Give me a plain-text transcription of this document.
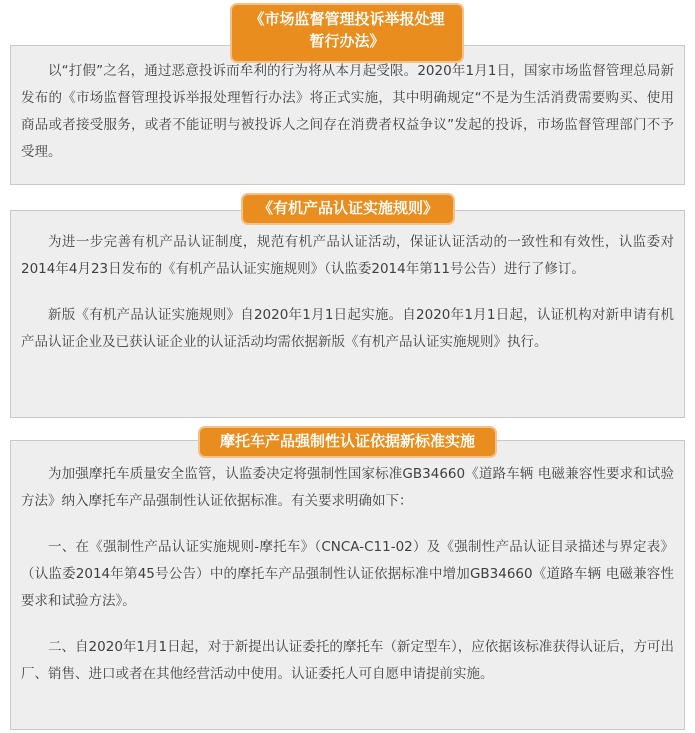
以“打假”之名，通过恶意投诉而牟利的行为将从本月起受限。2020年1月1日，国家市场监督管理总局新发布的《市场监督管理投诉举报处理暂行办法》将正式实施，其中明确规定“不是为生活消费需要购买、使用商品或者接受服务，或者不能证明与被投诉人之间存在消费者权益争议”发起的投诉，市场监督管理部门不予受理。

《市场监督管理投诉举报处理
暂行办法》

为进一步完善有机产品认证制度，规范有机产品认证活动，保证认证活动的一致性和有效性，认监委对2014年4月23日发布的《有机产品认证实施规则》（认监委2014年第11号公告）进行了修订。

新版《有机产品认证实施规则》自2020年1月1日起实施。自2020年1月1日起，认证机构对新申请有机产品认证企业及已获认证企业的认证活动均需依据新版《有机产品认证实施规则》执行。

《有机产品认证实施规则》

为加强摩托车质量安全监管，认监委决定将强制性国家标准GB34660《道路车辆 电磁兼容性要求和试验方法》纳入摩托车产品强制性认证依据标准。有关要求明确如下：

一、在《强制性产品认证实施规则-摩托车》（CNCA-C11-02）及《强制性产品认证目录描述与界定表》（认监委2014年第45号公告）中的摩托车产品强制性认证依据标准中增加GB34660《道路车辆 电磁兼容性要求和试验方法》。

二、自2020年1月1日起，对于新提出认证委托的摩托车（新定型车），应依据该标准获得认证后，方可出厂、销售、进口或者在其他经营活动中使用。认证委托人可自愿申请提前实施。

摩托车产品强制性认证依据新标准实施
